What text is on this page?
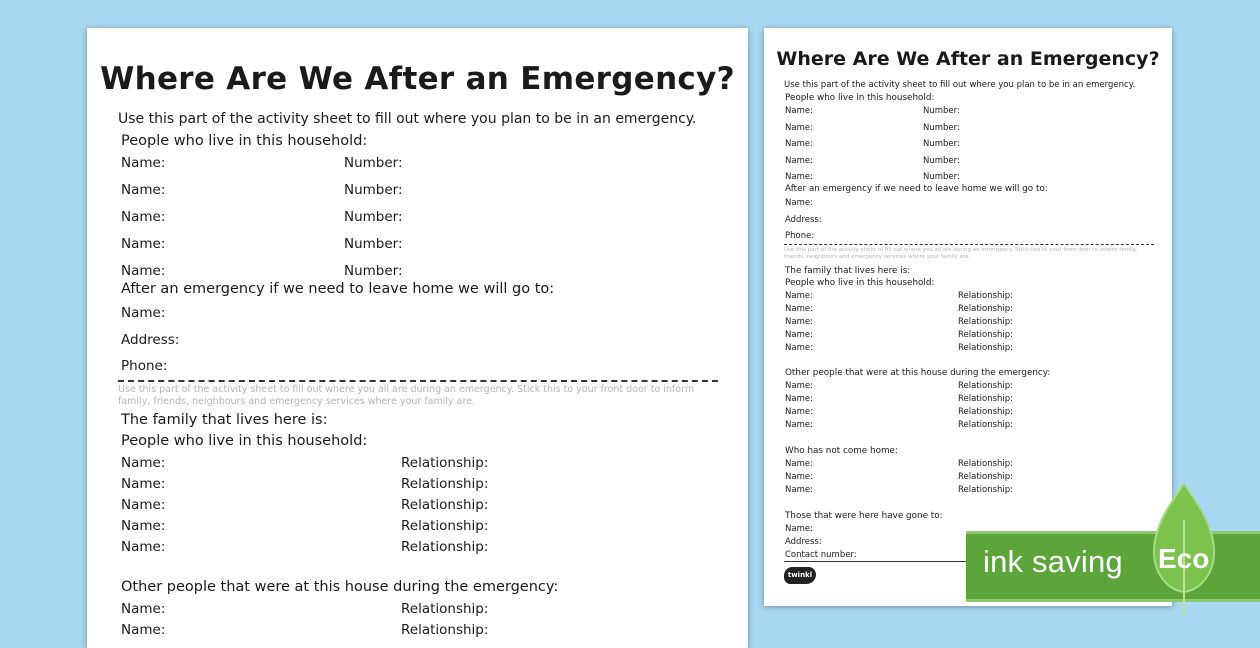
Where Are We After an Emergency?
Use this part of the activity sheet to fill out where you plan to be in an emergency.
People who live in this household:
Name:	Number:
Name:	Number:
Name:	Number:
Name:	Number:
Name:	Number:
After an emergency if we need to leave home we will go to:
Name:
Address:
Phone:
Use this part of the activity sheet to fill out where you all are during an emergency. Stick this to your front door to inform family, friends, neighbours and emergency services where your family are.
The family that lives here is:
People who live in this household:
Name:	Relationship:
Name:	Relationship:
Name:	Relationship:
Name:	Relationship:
Name:	Relationship:
Other people that were at this house during the emergency:
Name:	Relationship:
Name:	Relationship:
Where Are We After an Emergency?
Use this part of the activity sheet to fill out where you plan to be in an emergency.
People who live in this household:
Name:	Number:
Name:	Number:
Name:	Number:
Name:	Number:
Name:	Number:
After an emergency if we need to leave home we will go to:
Name:
Address:
Phone:
Use this part of the activity sheet to fill out where you all are during an emergency. Stick this to your front door to inform family, friends, neighbours and emergency services where your family are.
The family that lives here is:
People who live in this household:
Name:	Relationship:
Name:	Relationship:
Name:	Relationship:
Name:	Relationship:
Name:	Relationship:
Other people that were at this house during the emergency:
Name:	Relationship:
Name:	Relationship:
Name:	Relationship:
Name:	Relationship:
Who has not come home:
Name:	Relationship:
Name:	Relationship:
Name:	Relationship:
Those that were here have gone to:
Name:
Address:
Contact number:
twinkl	ink saving Eco
